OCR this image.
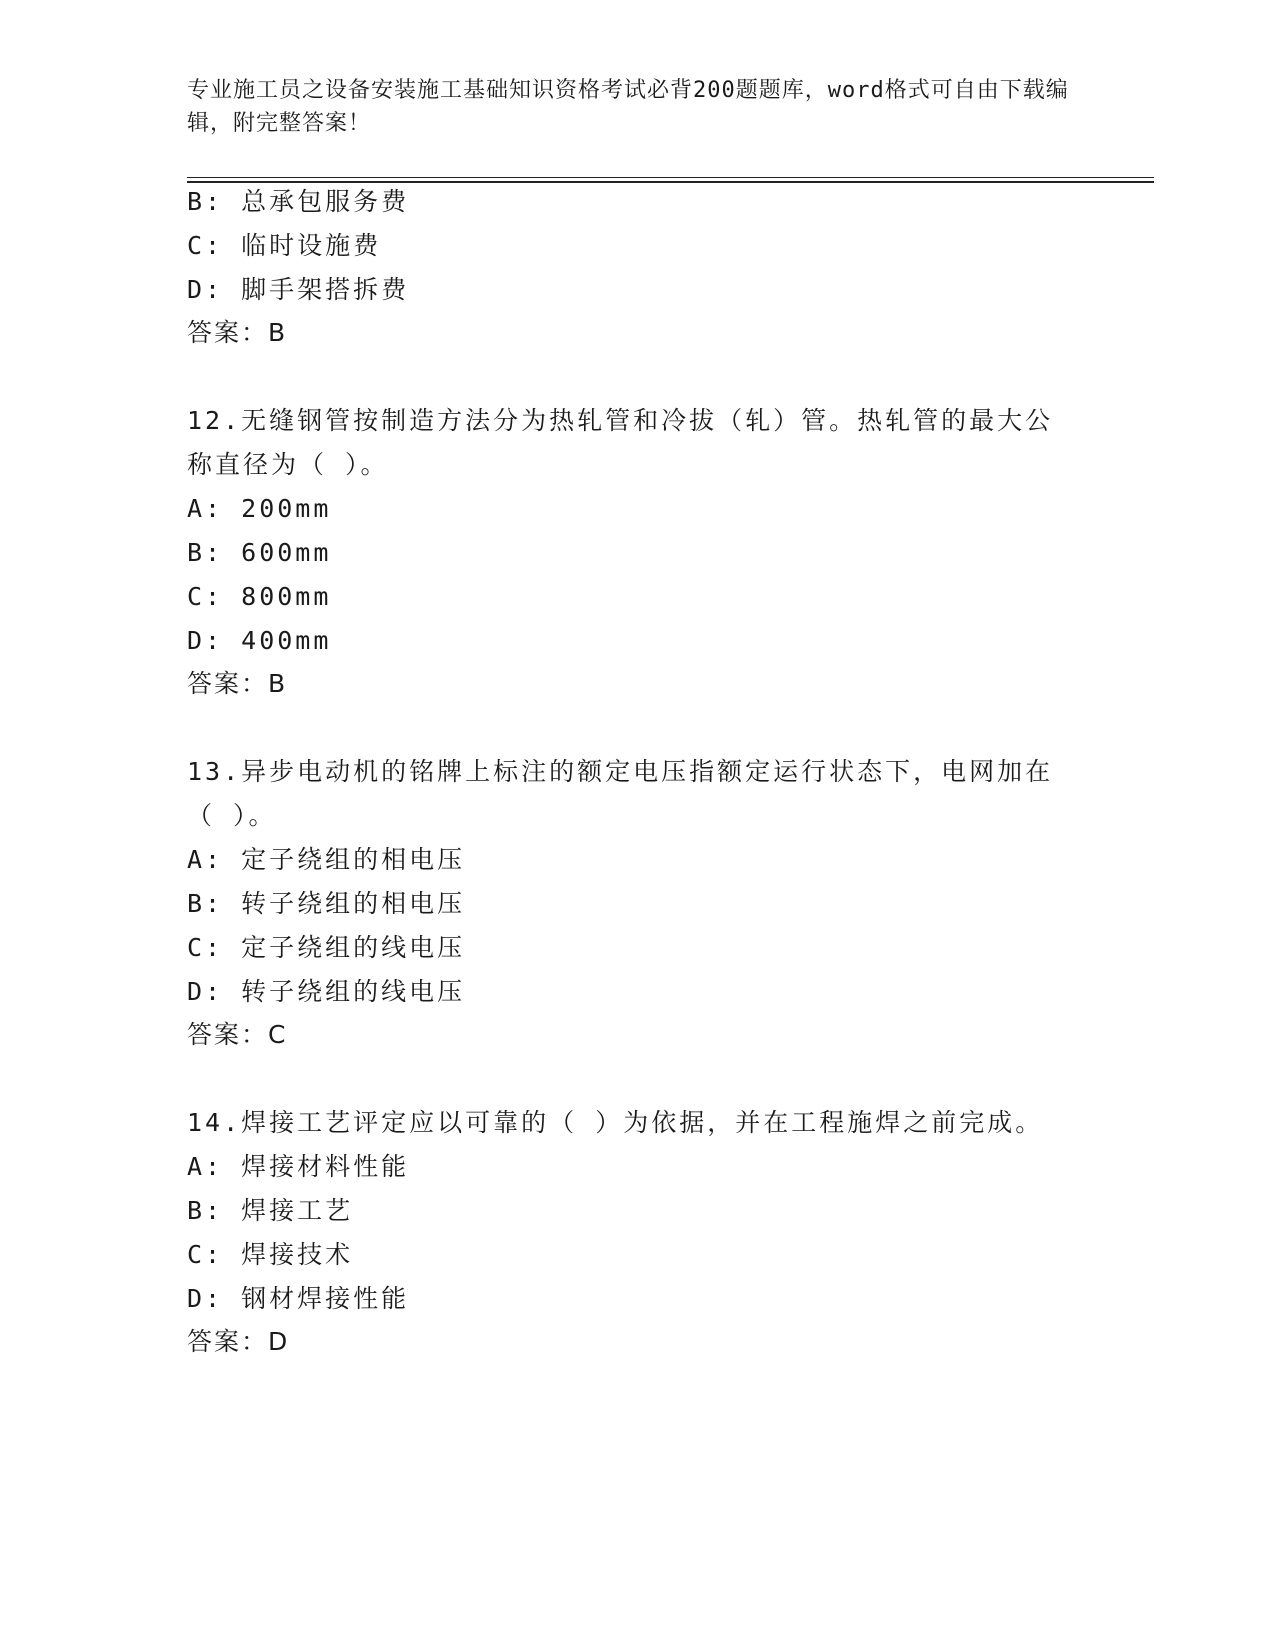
专业施工员之设备安装施工基础知识资格考试必背200题题库，word格式可自由下载编辑，附完整答案！
B: 总承包服务费
C: 临时设施费
D: 脚手架搭拆费
答案：B
12.无缝钢管按制造方法分为热轧管和冷拔（轧）管。热轧管的最大公
称直径为（ ）。
A: 200mm
B: 600mm
C: 800mm
D: 400mm
答案：B
13.异步电动机的铭牌上标注的额定电压指额定运行状态下，电网加在
（ ）。
A: 定子绕组的相电压
B: 转子绕组的相电压
C: 定子绕组的线电压
D: 转子绕组的线电压
答案：C
14.焊接工艺评定应以可靠的（ ）为依据，并在工程施焊之前完成。
A: 焊接材料性能
B: 焊接工艺
C: 焊接技术
D: 钢材焊接性能
答案：D
